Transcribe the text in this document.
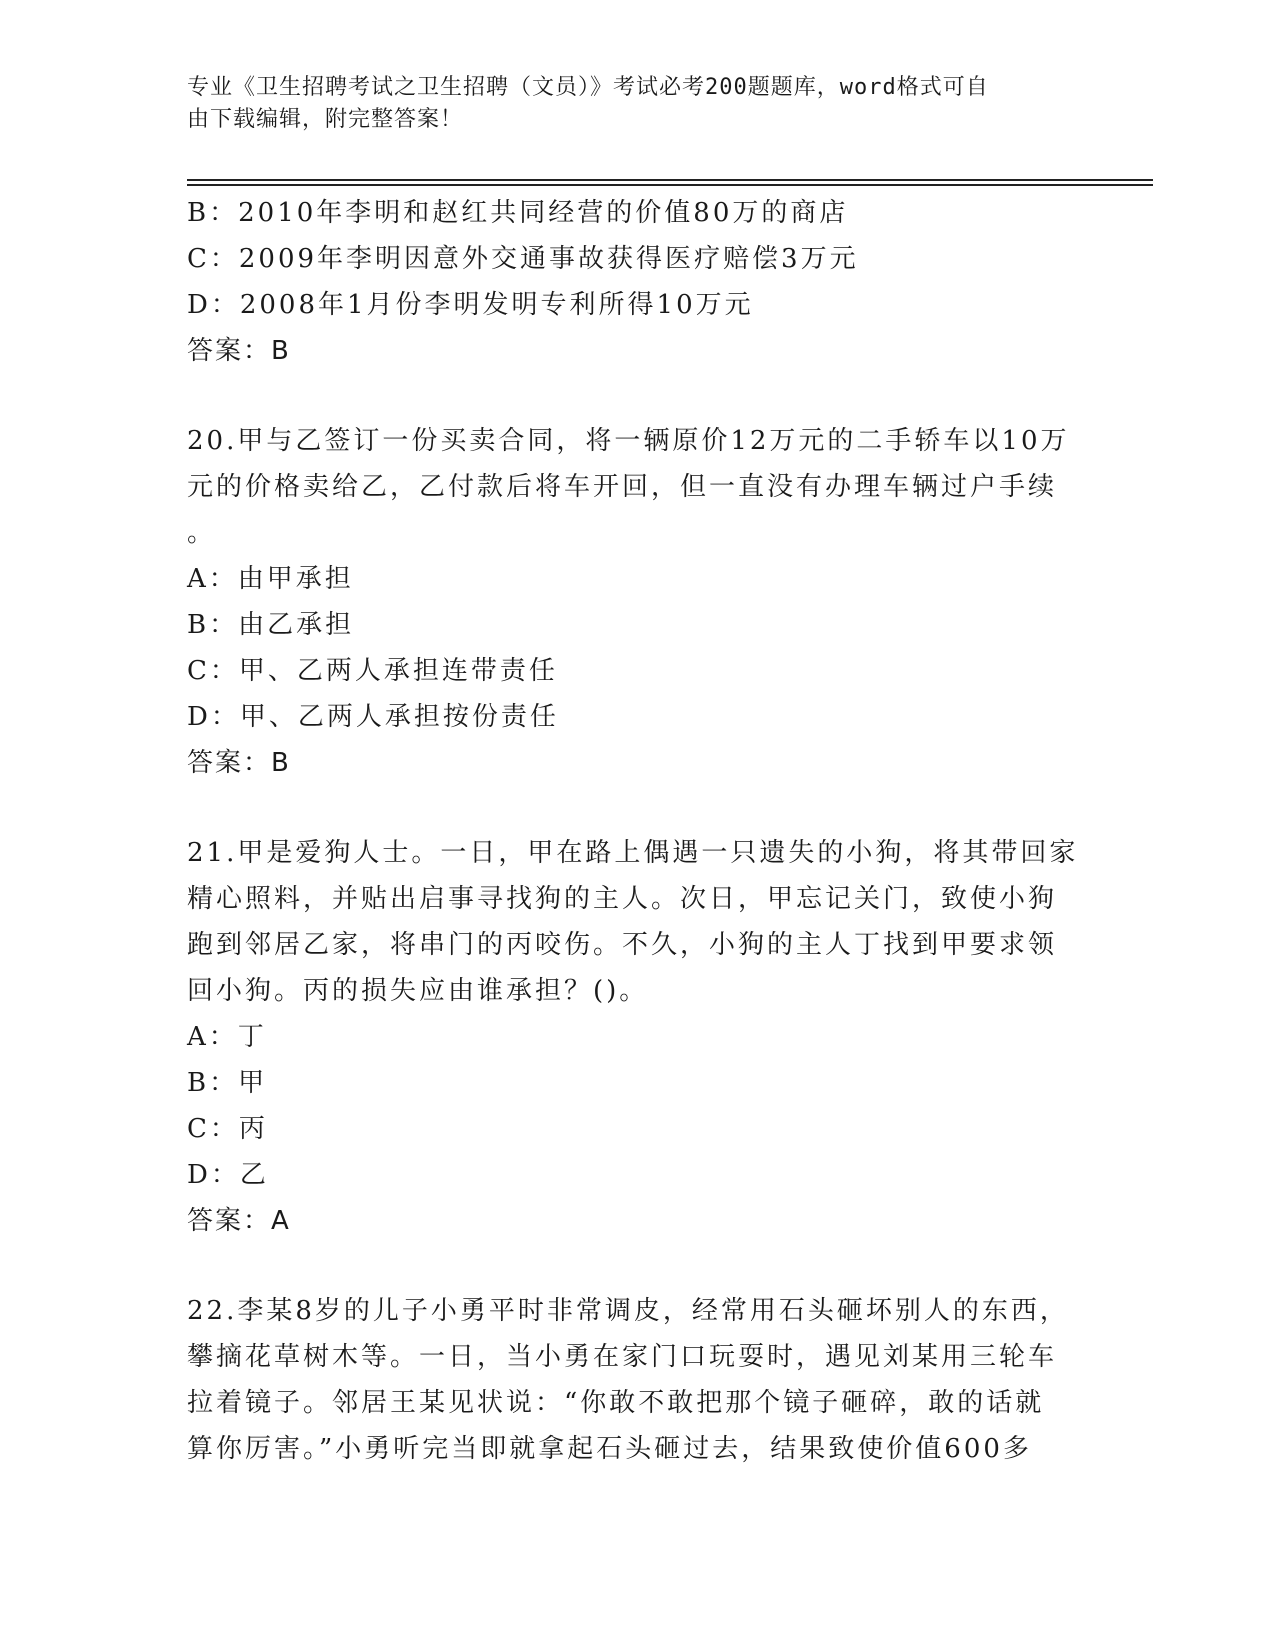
专业《卫生招聘考试之卫生招聘（文员）》考试必考200题题库，word格式可自
由下载编辑，附完整答案！
B：2010年李明和赵红共同经营的价值80万的商店
C：2009年李明因意外交通事故获得医疗赔偿3万元
D：2008年1月份李明发明专利所得10万元
答案：B
20.甲与乙签订一份买卖合同，将一辆原价12万元的二手轿车以10万
元的价格卖给乙，乙付款后将车开回，但一直没有办理车辆过户手续
。
A：由甲承担
B：由乙承担
C：甲、乙两人承担连带责任
D：甲、乙两人承担按份责任
答案：B
21.甲是爱狗人士。一日，甲在路上偶遇一只遗失的小狗，将其带回家
精心照料，并贴出启事寻找狗的主人。次日，甲忘记关门，致使小狗
跑到邻居乙家，将串门的丙咬伤。不久，小狗的主人丁找到甲要求领
回小狗。丙的损失应由谁承担？()。
A：丁
B：甲
C：丙
D：乙
答案：A
22.李某8岁的儿子小勇平时非常调皮，经常用石头砸坏别人的东西，
攀摘花草树木等。一日，当小勇在家门口玩耍时，遇见刘某用三轮车
拉着镜子。邻居王某见状说：“你敢不敢把那个镜子砸碎，敢的话就
算你厉害。”小勇听完当即就拿起石头砸过去，结果致使价值600多
